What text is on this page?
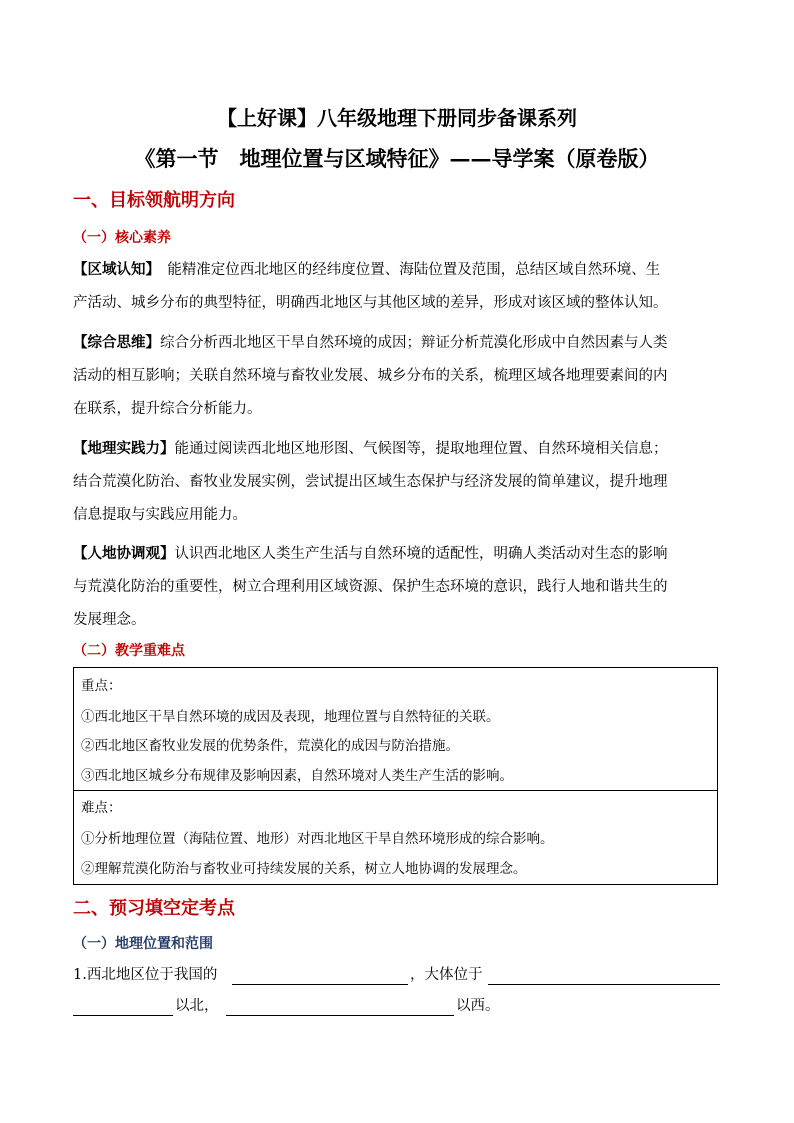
【上好课】八年级地理下册同步备课系列
《第一节　地理位置与区域特征》——导学案（原卷版）
一、目标领航明方向
（一）核心素养
【区域认知】　能精准定位西北地区的经纬度位置、海陆位置及范围，总结区域自然环境、生
产活动、城乡分布的典型特征，明确西北地区与其他区域的差异，形成对该区域的整体认知。
【综合思维】综合分析西北地区干旱自然环境的成因；辩证分析荒漠化形成中自然因素与人类
活动的相互影响；关联自然环境与畜牧业发展、城乡分布的关系，梳理区域各地理要素间的内
在联系，提升综合分析能力。
【地理实践力】能通过阅读西北地区地形图、气候图等，提取地理位置、自然环境相关信息；
结合荒漠化防治、畜牧业发展实例，尝试提出区域生态保护与经济发展的简单建议，提升地理
信息提取与实践应用能力。
【人地协调观】认识西北地区人类生产生活与自然环境的适配性，明确人类活动对生态的影响
与荒漠化防治的重要性，树立合理利用区域资源、保护生态环境的意识，践行人地和谐共生的
发展理念。
（二）教学重难点
重点：
①西北地区干旱自然环境的成因及表现，地理位置与自然特征的关联。
②西北地区畜牧业发展的优势条件，荒漠化的成因与防治措施。
③西北地区城乡分布规律及影响因素，自然环境对人类生产生活的影响。
难点：
①分析地理位置（海陆位置、地形）对西北地区干旱自然环境形成的综合影响。
②理解荒漠化防治与畜牧业可持续发展的关系，树立人地协调的发展理念。
二、预习填空定考点
（一）地理位置和范围
1.西北地区位于我国的	，大体位于
以北，	以西。
